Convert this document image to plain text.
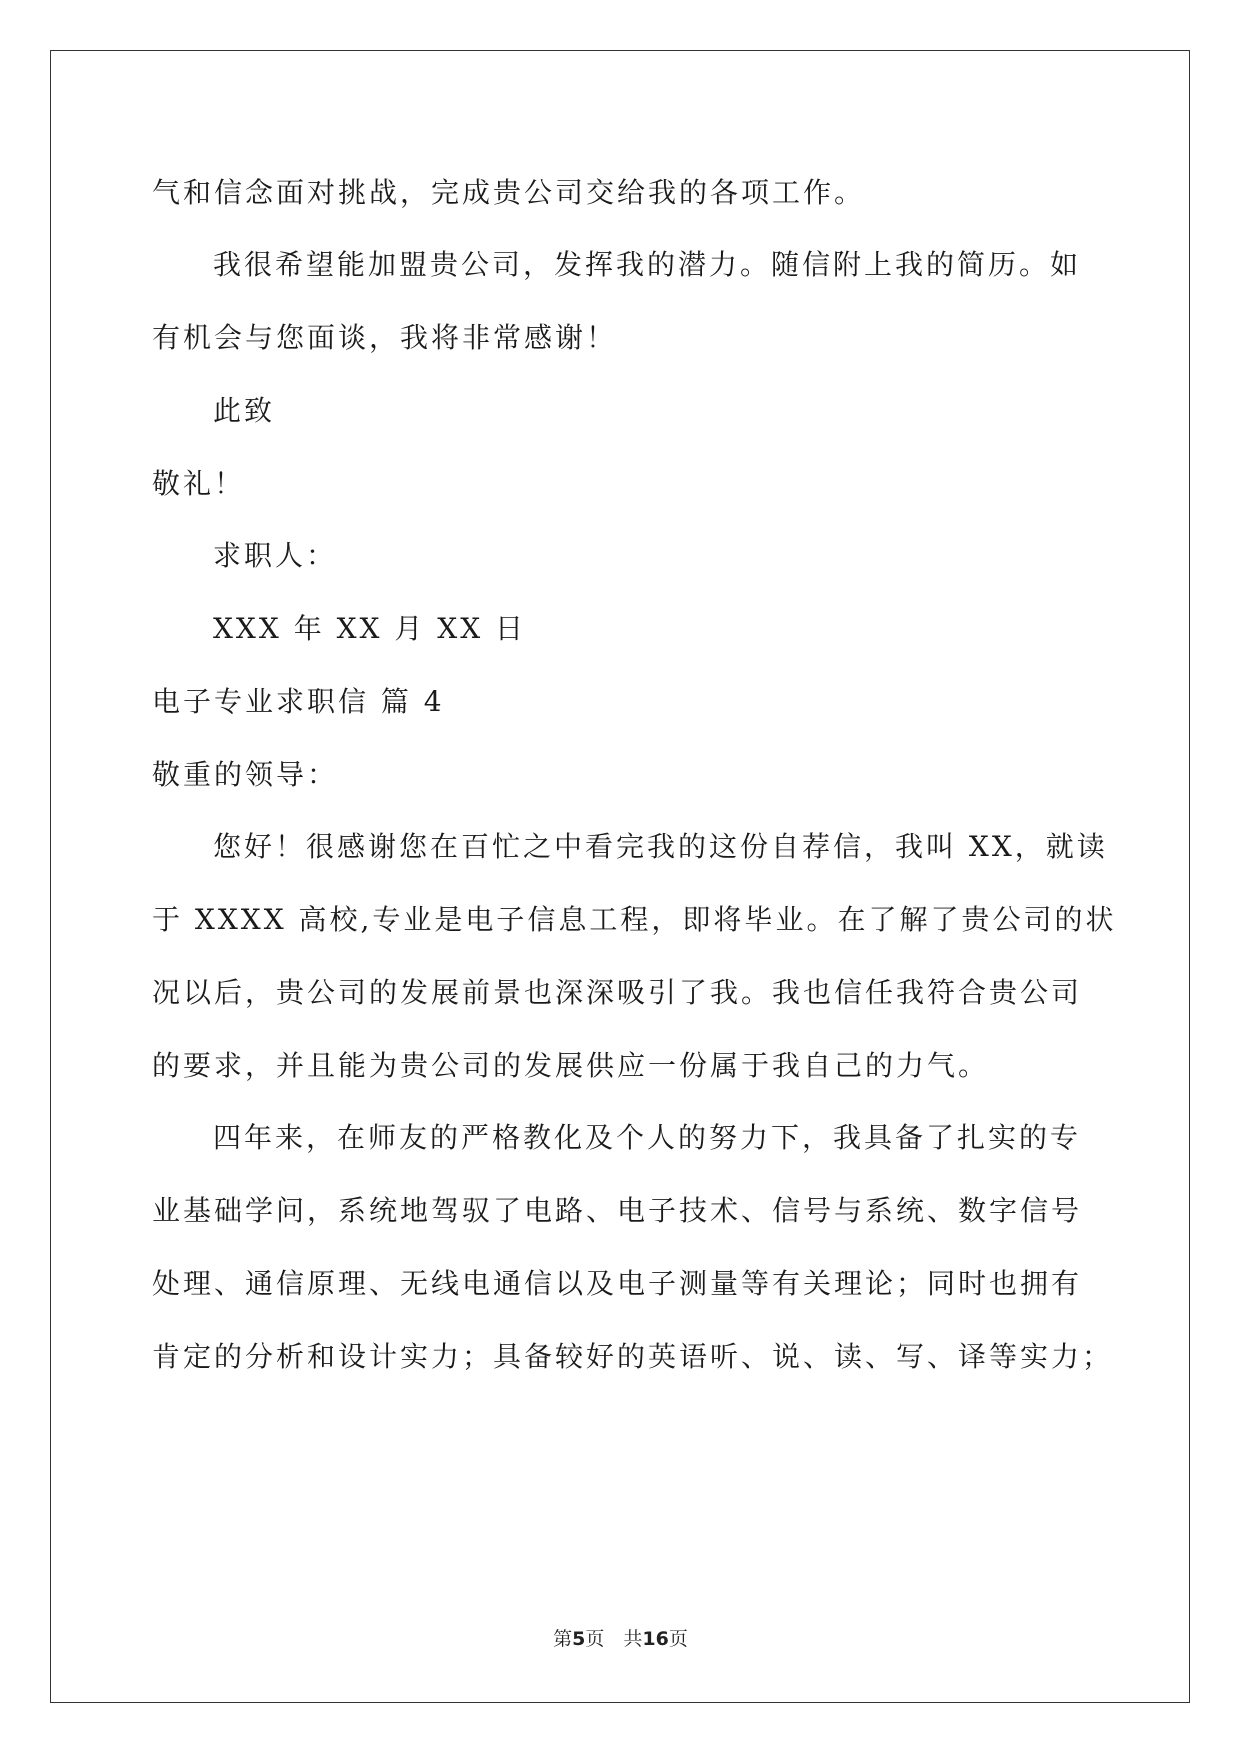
气和信念面对挑战，完成贵公司交给我的各项工作。
我很希望能加盟贵公司，发挥我的潜力。随信附上我的简历。如
有机会与您面谈，我将非常感谢！
此致
敬礼！
求职人：
XXX 年 XX 月 XX 日
电子专业求职信 篇 4
敬重的领导：
您好！很感谢您在百忙之中看完我的这份自荐信，我叫 XX，就读
于 XXXX 高校,专业是电子信息工程，即将毕业。在了解了贵公司的状
况以后，贵公司的发展前景也深深吸引了我。我也信任我符合贵公司
的要求，并且能为贵公司的发展供应一份属于我自己的力气。
四年来，在师友的严格教化及个人的努力下，我具备了扎实的专
业基础学问，系统地驾驭了电路、电子技术、信号与系统、数字信号
处理、通信原理、无线电通信以及电子测量等有关理论；同时也拥有
肯定的分析和设计实力；具备较好的英语听、说、读、写、译等实力；
第5页　共16页
